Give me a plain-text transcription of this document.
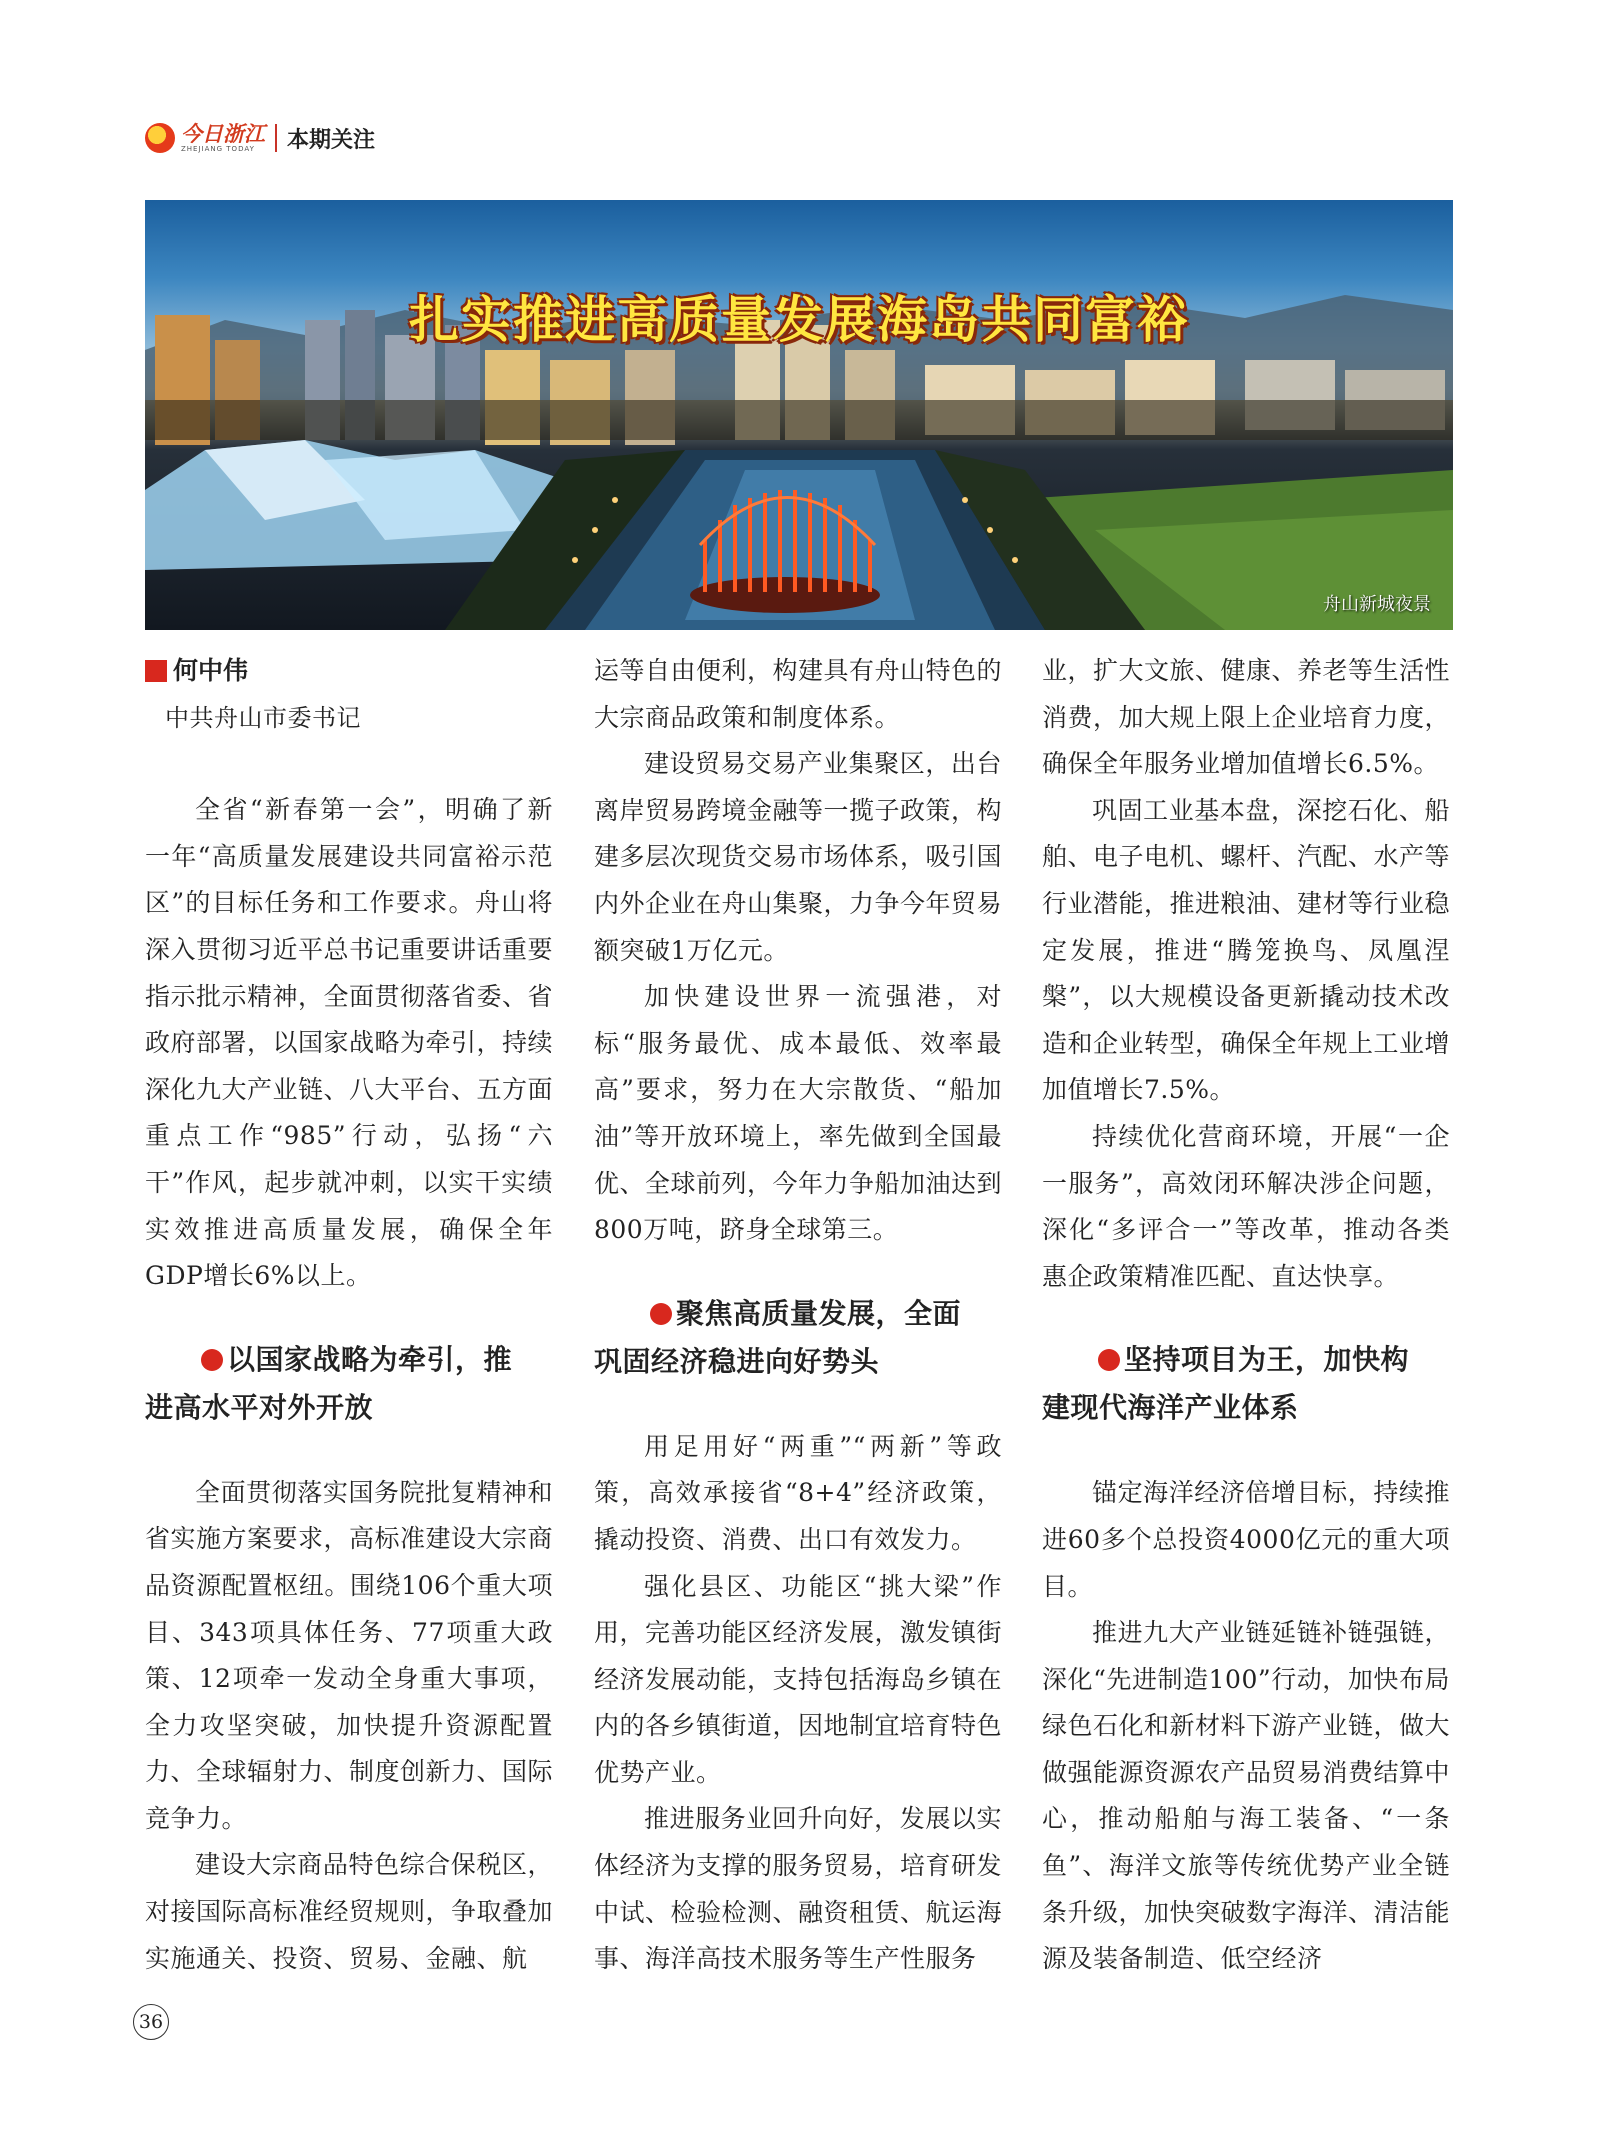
今日浙江
ZHEJIANG TODAY	本期关注
扎实推进高质量发展海岛共同富裕
舟山新城夜景
何中伟

中共舟山市委书记

全省“新春第一会”，明确了新一年“高质量发展建设共同富裕示范区”的目标任务和工作要求。舟山将深入贯彻习近平总书记重要讲话重要指示批示精神，全面贯彻落省委、省政府部署，以国家战略为牵引，持续深化九大产业链、八大平台、五方面重点工作“985”行动，弘扬“六干”作风，起步就冲刺，以实干实绩实效推进高质量发展，确保全年GDP增长6%以上。

以国家战略为牵引，推
进高水平对外开放

全面贯彻落实国务院批复精神和省实施方案要求，高标准建设大宗商品资源配置枢纽。围绕106个重大项目、343项具体任务、77项重大政策、12项牵一发动全身重大事项，全力攻坚突破，加快提升资源配置力、全球辐射力、制度创新力、国际竞争力。

建设大宗商品特色综合保税区，对接国际高标准经贸规则，争取叠加实施通关、投资、贸易、金融、航

运等自由便利，构建具有舟山特色的大宗商品政策和制度体系。

建设贸易交易产业集聚区，出台离岸贸易跨境金融等一揽子政策，构建多层次现货交易市场体系，吸引国内外企业在舟山集聚，力争今年贸易额突破1万亿元。

加快建设世界一流强港，对标“服务最优、成本最低、效率最高”要求，努力在大宗散货、“船加油”等开放环境上，率先做到全国最优、全球前列，今年力争船加油达到800万吨，跻身全球第三。

聚焦高质量发展，全面
巩固经济稳进向好势头

用足用好“两重”“两新”等政策，高效承接省“8+4”经济政策，撬动投资、消费、出口有效发力。

强化县区、功能区“挑大梁”作用，完善功能区经济发展，激发镇街经济发展动能，支持包括海岛乡镇在内的各乡镇街道，因地制宜培育特色优势产业。

推进服务业回升向好，发展以实体经济为支撑的服务贸易，培育研发中试、检验检测、融资租赁、航运海事、海洋高技术服务等生产性服务

业，扩大文旅、健康、养老等生活性消费，加大规上限上企业培育力度，确保全年服务业增加值增长6.5%。

巩固工业基本盘，深挖石化、船舶、电子电机、螺杆、汽配、水产等行业潜能，推进粮油、建材等行业稳定发展，推进“腾笼换鸟、凤凰涅槃”，以大规模设备更新撬动技术改造和企业转型，确保全年规上工业增加值增长7.5%。

持续优化营商环境，开展“一企一服务”，高效闭环解决涉企问题，深化“多评合一”等改革，推动各类惠企政策精准匹配、直达快享。

坚持项目为王，加快构
建现代海洋产业体系

锚定海洋经济倍增目标，持续推进60多个总投资4000亿元的重大项目。

推进九大产业链延链补链强链，深化“先进制造100”行动，加快布局绿色石化和新材料下游产业链，做大做强能源资源农产品贸易消费结算中心，推动船舶与海工装备、“一条鱼”、海洋文旅等传统优势产业全链条升级，加快突破数字海洋、清洁能源及装备制造、低空经济

36
